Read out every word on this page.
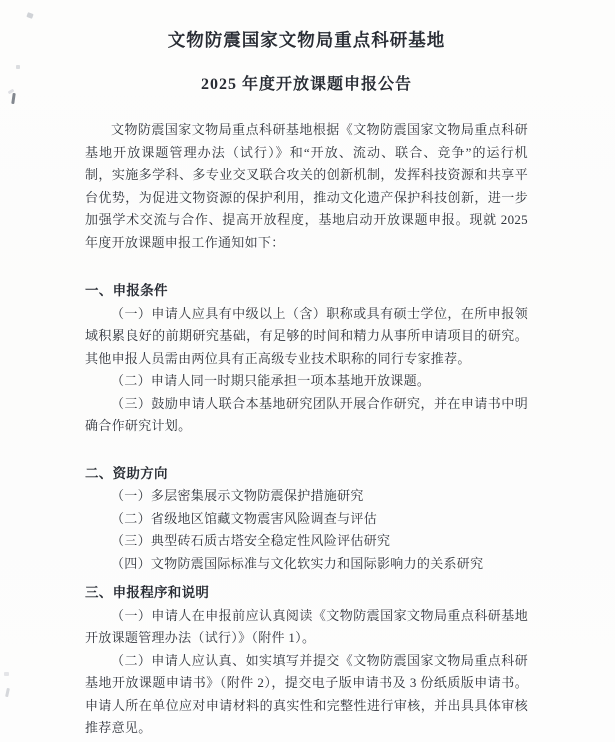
文物防震国家文物局重点科研基地
2025 年度开放课题申报公告

文物防震国家文物局重点科研基地根据《文物防震国家文物局重点科研基地开放课题管理办法（试行）》和“开放、流动、联合、竞争”的运行机制，实施多学科、多专业交叉联合攻关的创新机制，发挥科技资源和共享平台优势，为促进文物资源的保护利用，推动文化遗产保护科技创新，进一步加强学术交流与合作、提高开放程度，基地启动开放课题申报。现就 2025 年度开放课题申报工作通知如下：

一、申报条件

（一）申请人应具有中级以上（含）职称或具有硕士学位，在所申报领域积累良好的前期研究基础，有足够的时间和精力从事所申请项目的研究。其他申报人员需由两位具有正高级专业技术职称的同行专家推荐。

（二）申请人同一时期只能承担一项本基地开放课题。

（三）鼓励申请人联合本基地研究团队开展合作研究，并在申请书中明确合作研究计划。

二、资助方向

（一）多层密集展示文物防震保护措施研究

（二）省级地区馆藏文物震害风险调查与评估

（三）典型砖石质古塔安全稳定性风险评估研究

（四）文物防震国际标准与文化软实力和国际影响力的关系研究

三、申报程序和说明

（一）申请人在申报前应认真阅读《文物防震国家文物局重点科研基地开放课题管理办法（试行）》（附件 1）。

（二）申请人应认真、如实填写并提交《文物防震国家文物局重点科研基地开放课题申请书》（附件 2），提交电子版申请书及 3 份纸质版申请书。申请人所在单位应对申请材料的真实性和完整性进行审核，并出具具体审核推荐意见。
